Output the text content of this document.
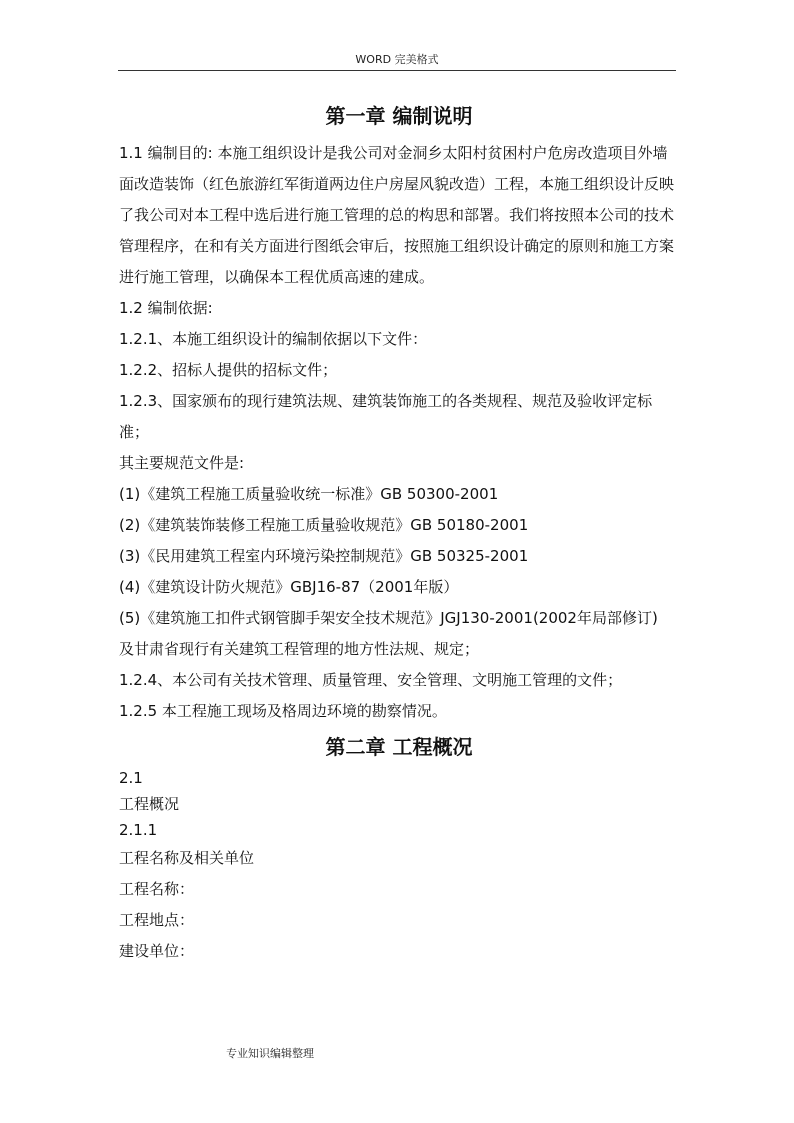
WORD 完美格式
第一章 编制说明

1.1 编制目的: 本施工组织设计是我公司对金洞乡太阳村贫困村户危房改造项目外墙面改造装饰（红色旅游红军街道两边住户房屋风貌改造）工程，本施工组织设计反映了我公司对本工程中选后进行施工管理的总的构思和部署。我们将按照本公司的技术管理程序，在和有关方面进行图纸会审后，按照施工组织设计确定的原则和施工方案进行施工管理，以确保本工程优质高速的建成。

1.2 编制依据:

1.2.1、本施工组织设计的编制依据以下文件：

1.2.2、招标人提供的招标文件；

1.2.3、国家颁布的现行建筑法规、建筑装饰施工的各类规程、规范及验收评定标准；

其主要规范文件是:

(1)《建筑工程施工质量验收统一标准》GB 50300-2001

(2)《建筑装饰装修工程施工质量验收规范》GB 50180-2001

(3)《民用建筑工程室内环境污染控制规范》GB 50325-2001

(4)《建筑设计防火规范》GBJ16-87（2001年版）

(5)《建筑施工扣件式钢管脚手架安全技术规范》JGJ130-2001(2002年局部修订)

及甘肃省现行有关建筑工程管理的地方性法规、规定；

1.2.4、本公司有关技术管理、质量管理、安全管理、文明施工管理的文件；

1.2.5 本工程施工现场及格周边环境的勘察情况。

第二章 工程概况

2.1

工程概况

2.1.1

工程名称及相关单位

工程名称：

工程地点：

建设单位：

专业知识编辑整理
